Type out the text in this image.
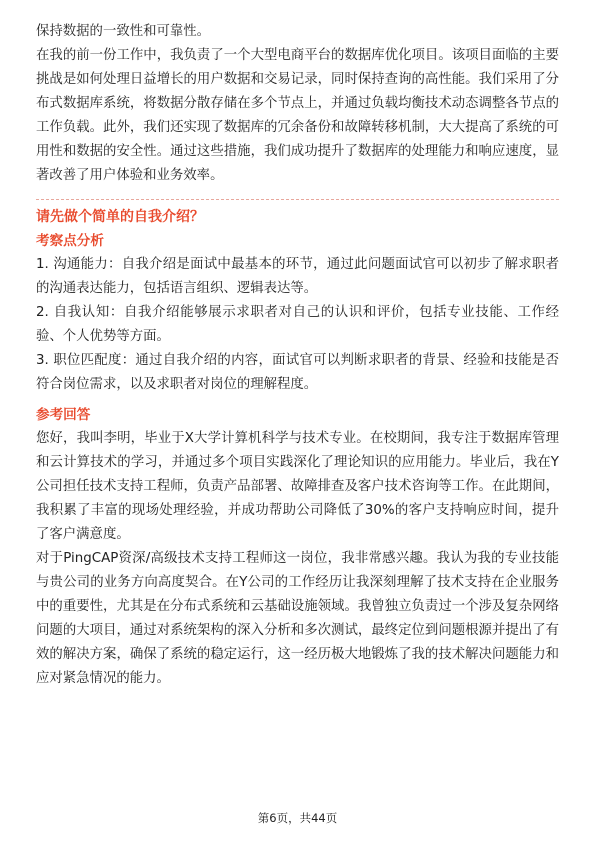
保持数据的一致性和可靠性。

在我的前一份工作中，我负责了一个大型电商平台的数据库优化项目。该项目面临的主要挑战是如何处理日益增长的用户数据和交易记录，同时保持查询的高性能。我们采用了分布式数据库系统，将数据分散存储在多个节点上，并通过负载均衡技术动态调整各节点的工作负载。此外，我们还实现了数据库的冗余备份和故障转移机制，大大提高了系统的可用性和数据的安全性。通过这些措施，我们成功提升了数据库的处理能力和响应速度，显著改善了用户体验和业务效率。

请先做个简单的自我介绍？

考察点分析

1. 沟通能力：自我介绍是面试中最基本的环节，通过此问题面试官可以初步了解求职者的沟通表达能力，包括语言组织、逻辑表达等。

2. 自我认知：自我介绍能够展示求职者对自己的认识和评价，包括专业技能、工作经验、个人优势等方面。

3. 职位匹配度：通过自我介绍的内容，面试官可以判断求职者的背景、经验和技能是否符合岗位需求，以及求职者对岗位的理解程度。

参考回答

您好，我叫李明，毕业于X大学计算机科学与技术专业。在校期间，我专注于数据库管理和云计算技术的学习，并通过多个项目实践深化了理论知识的应用能力。毕业后，我在Y公司担任技术支持工程师，负责产品部署、故障排查及客户技术咨询等工作。在此期间，我积累了丰富的现场处理经验，并成功帮助公司降低了30%的客户支持响应时间，提升了客户满意度。

对于PingCAP资深/高级技术支持工程师这一岗位，我非常感兴趣。我认为我的专业技能与贵公司的业务方向高度契合。在Y公司的工作经历让我深刻理解了技术支持在企业服务中的重要性，尤其是在分布式系统和云基础设施领域。我曾独立负责过一个涉及复杂网络问题的大项目，通过对系统架构的深入分析和多次测试，最终定位到问题根源并提出了有效的解决方案，确保了系统的稳定运行，这一经历极大地锻炼了我的技术解决问题能力和应对紧急情况的能力。

第6页，共44页
